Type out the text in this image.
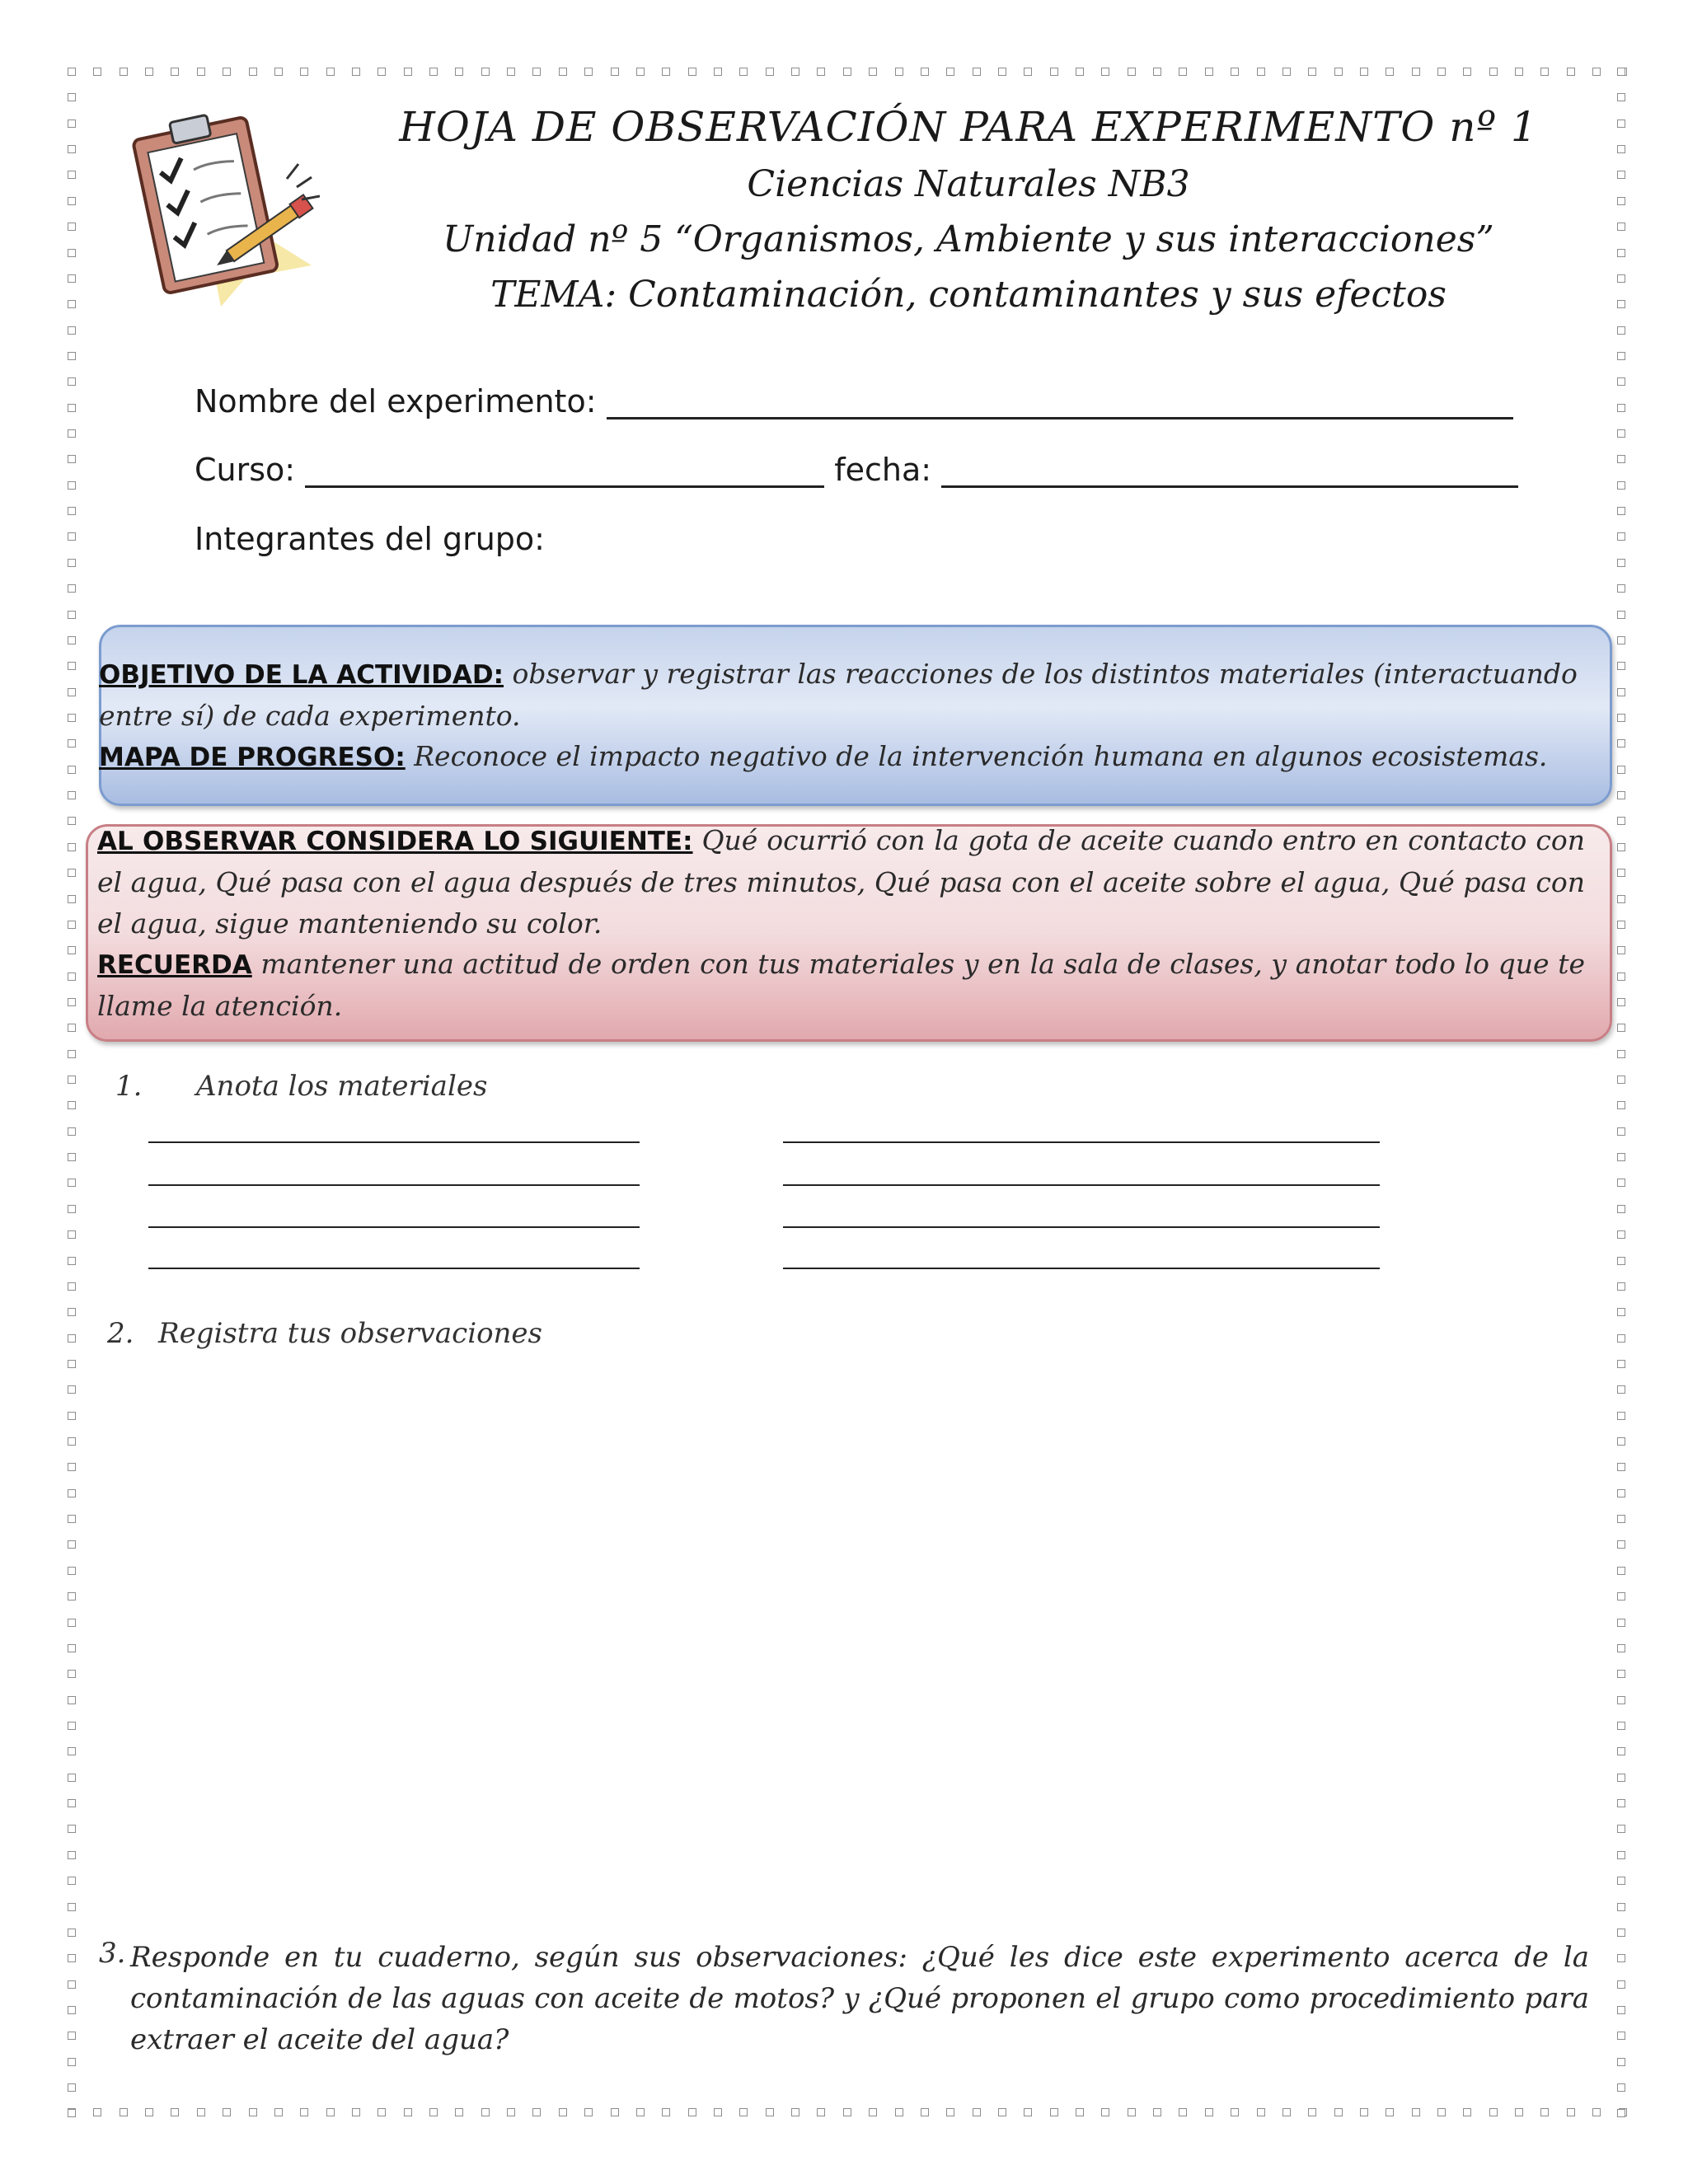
HOJA DE OBSERVACIÓN PARA EXPERIMENTO nº 1
Ciencias Naturales NB3
Unidad nº 5 “Organismos, Ambiente y sus interacciones”
TEMA: Contaminación, contaminantes y sus efectos
Nombre del experimento:
Curso:	fecha:
Integrantes del grupo:
OBJETIVO DE LA ACTIVIDAD: observar y registrar las reacciones de los distintos materiales (interactuando entre sí) de cada experimento.
MAPA DE PROGRESO: Reconoce el impacto negativo de la intervención humana en algunos ecosistemas.
AL OBSERVAR CONSIDERA LO SIGUIENTE: Qué ocurrió con la gota de aceite cuando entro en contacto con el agua, Qué pasa con el agua después de tres minutos, Qué pasa con el aceite sobre el agua, Qué pasa con el agua, sigue manteniendo su color.
RECUERDA mantener una actitud de orden con tus materiales y en la sala de clases, y anotar todo lo que te llame la atención.
1. Anota los materiales
2. Registra tus observaciones
3. Responde en tu cuaderno, según sus observaciones: ¿Qué les dice este experimento acerca de la contaminación de las aguas con aceite de motos? y ¿Qué proponen el grupo como procedimiento para extraer el aceite del agua?
